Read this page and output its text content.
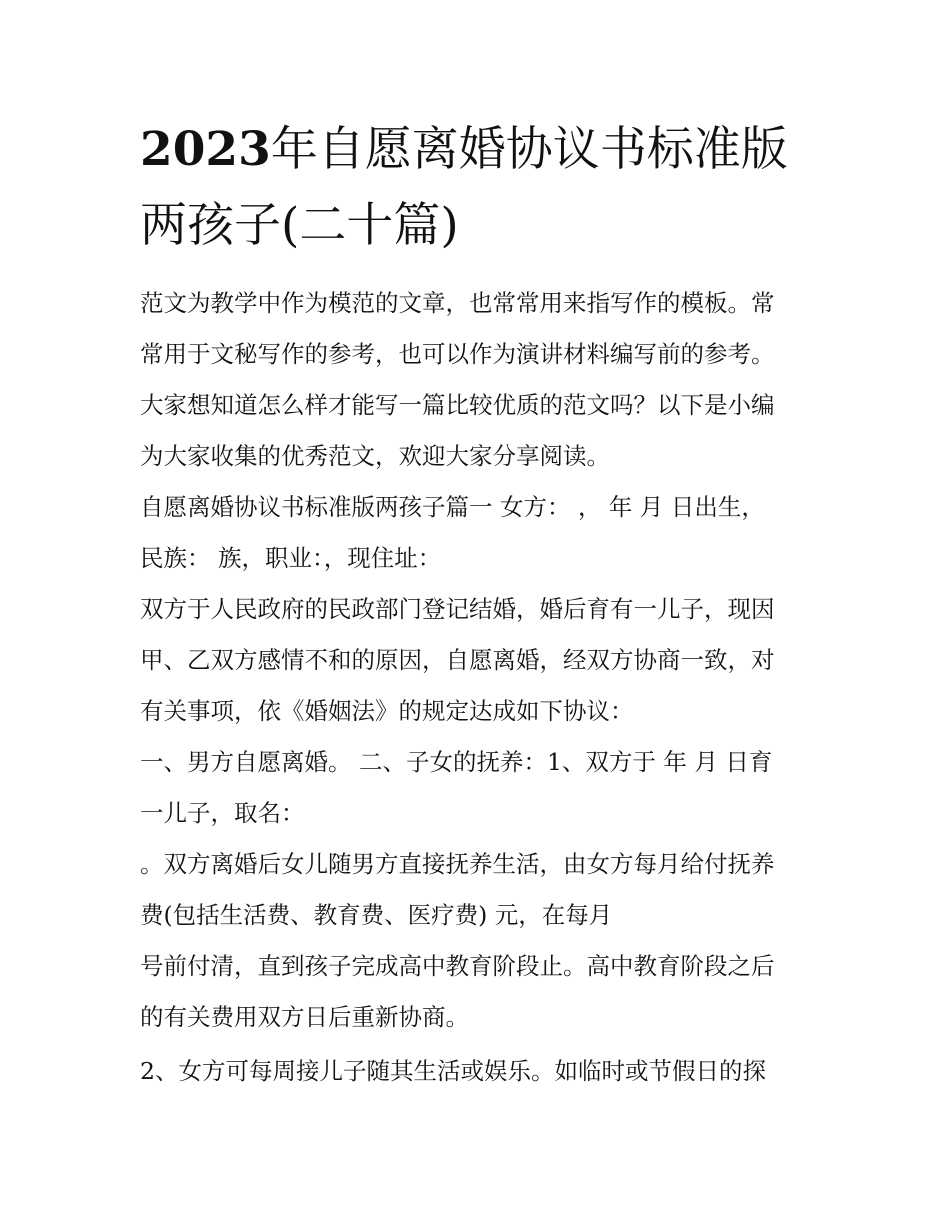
2023年自愿离婚协议书标准版
两孩子(二十篇)
范文为教学中作为模范的文章，也常常用来指写作的模板。常
常用于文秘写作的参考，也可以作为演讲材料编写前的参考。
大家想知道怎么样才能写一篇比较优质的范文吗？以下是小编
为大家收集的优秀范文，欢迎大家分享阅读。
自愿离婚协议书标准版两孩子篇一 女方： ， 年 月 日出生，
民族： 族，职业：，现住址：
双方于人民政府的民政部门登记结婚，婚后育有一儿子，现因
甲、乙双方感情不和的原因，自愿离婚，经双方协商一致，对
有关事项，依《婚姻法》的规定达成如下协议：
一、男方自愿离婚。 二、子女的抚养：1、双方于 年 月 日育
一儿子，取名：
。双方离婚后女儿随男方直接抚养生活，由女方每月给付抚养
费(包括生活费、教育费、医疗费) 元，在每月
号前付清，直到孩子完成高中教育阶段止。高中教育阶段之后
的有关费用双方日后重新协商。
2、女方可每周接儿子随其生活或娱乐。如临时或节假日的探
